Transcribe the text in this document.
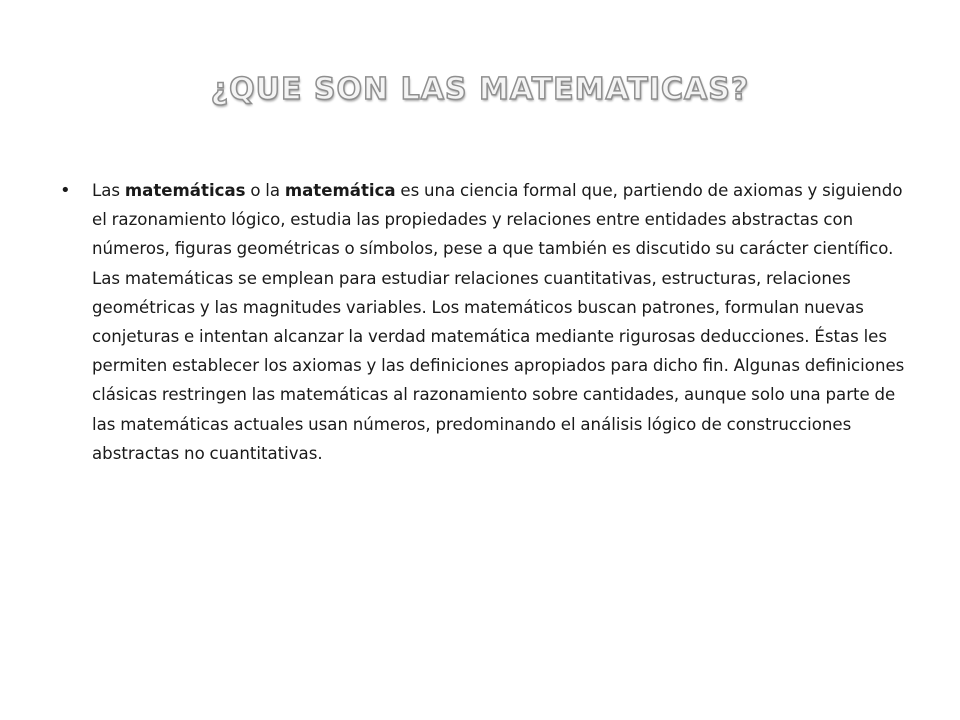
¿QUE SON LAS MATEMATICAS?
• Las matemáticas o la matemática es una ciencia formal que, partiendo de axiomas y siguiendo el razonamiento lógico, estudia las propiedades y relaciones entre entidades abstractas con números, figuras geométricas o símbolos, pese a que también es discutido su carácter científico. Las matemáticas se emplean para estudiar relaciones cuantitativas, estructuras, relaciones geométricas y las magnitudes variables. Los matemáticos buscan patrones, formulan nuevas conjeturas e intentan alcanzar la verdad matemática mediante rigurosas deducciones. Éstas les permiten establecer los axiomas y las definiciones apropiados para dicho fin. Algunas definiciones clásicas restringen las matemáticas al razonamiento sobre cantidades, aunque solo una parte de las matemáticas actuales usan números, predominando el análisis lógico de construcciones abstractas no cuantitativas.
